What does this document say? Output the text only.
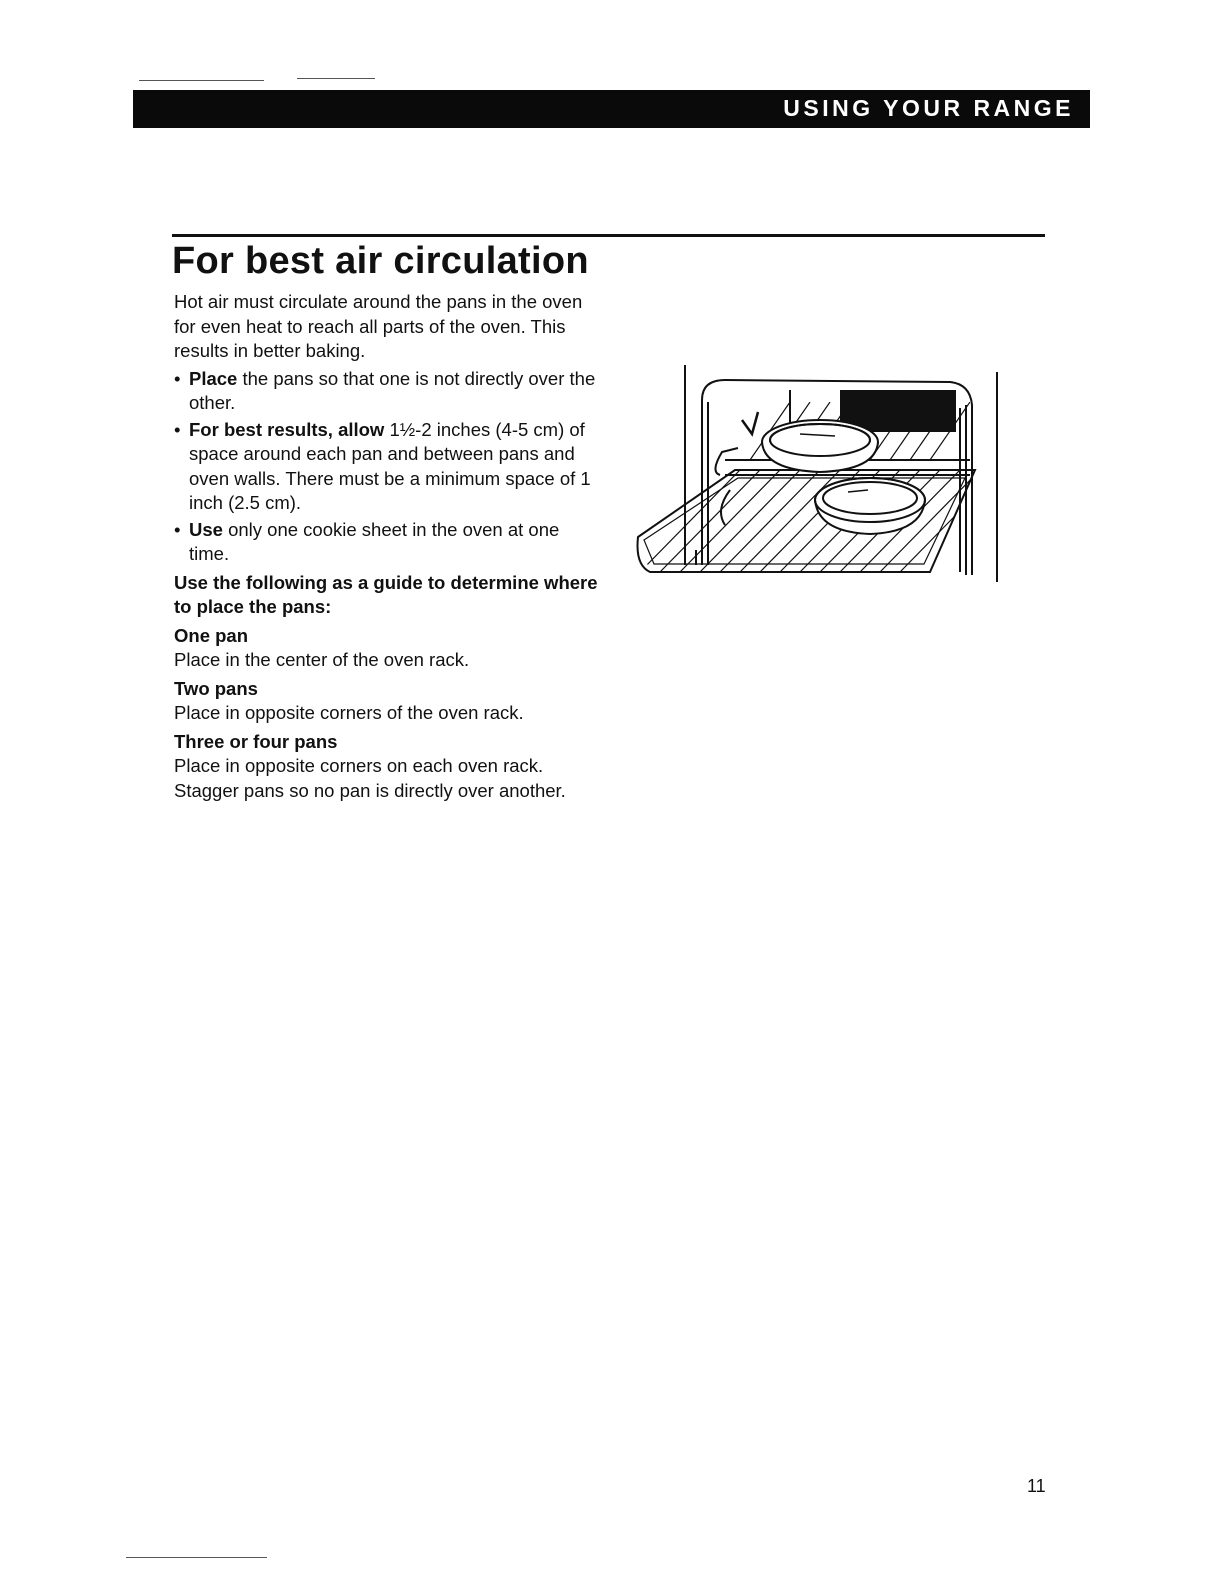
USING YOUR RANGE
For best air circulation

Hot air must circulate around the pans in the oven for even heat to reach all parts of the oven. This results in better baking.

• Place the pans so that one is not directly over the other.
• For best results, allow 1½-2 inches (4-5 cm) of space around each pan and between pans and oven walls. There must be a minimum space of 1 inch (2.5 cm).
• Use only one cookie sheet in the oven at one time.

Use the following as a guide to determine where to place the pans:

One pan
Place in the center of the oven rack.
Two pans
Place in opposite corners of the oven rack.
Three or four pans
Place in opposite corners on each oven rack. Stagger pans so no pan is directly over another.
11
